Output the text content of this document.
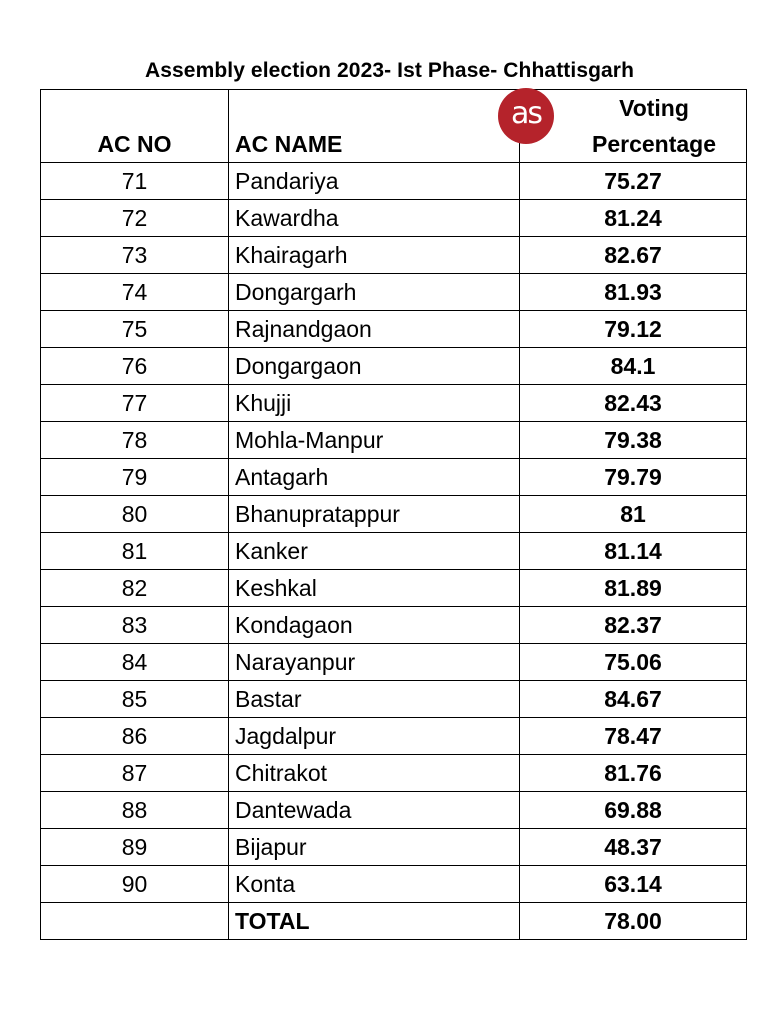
Assembly election 2023- Ist Phase- Chhattisgarh
AC NO	AC NAME	as Voting
Percentage

71	Pandariya	75.27
72	Kawardha	81.24
73	Khairagarh	82.67
74	Dongargarh	81.93
75	Rajnandgaon	79.12
76	Dongargaon	84.1
77	Khujji	82.43
78	Mohla-Manpur	79.38
79	Antagarh	79.79
80	Bhanupratappur	81
81	Kanker	81.14
82	Keshkal	81.89
83	Kondagaon	82.37
84	Narayanpur	75.06
85	Bastar	84.67
86	Jagdalpur	78.47
87	Chitrakot	81.76
88	Dantewada	69.88
89	Bijapur	48.37
90	Konta	63.14
	TOTAL	78.00
